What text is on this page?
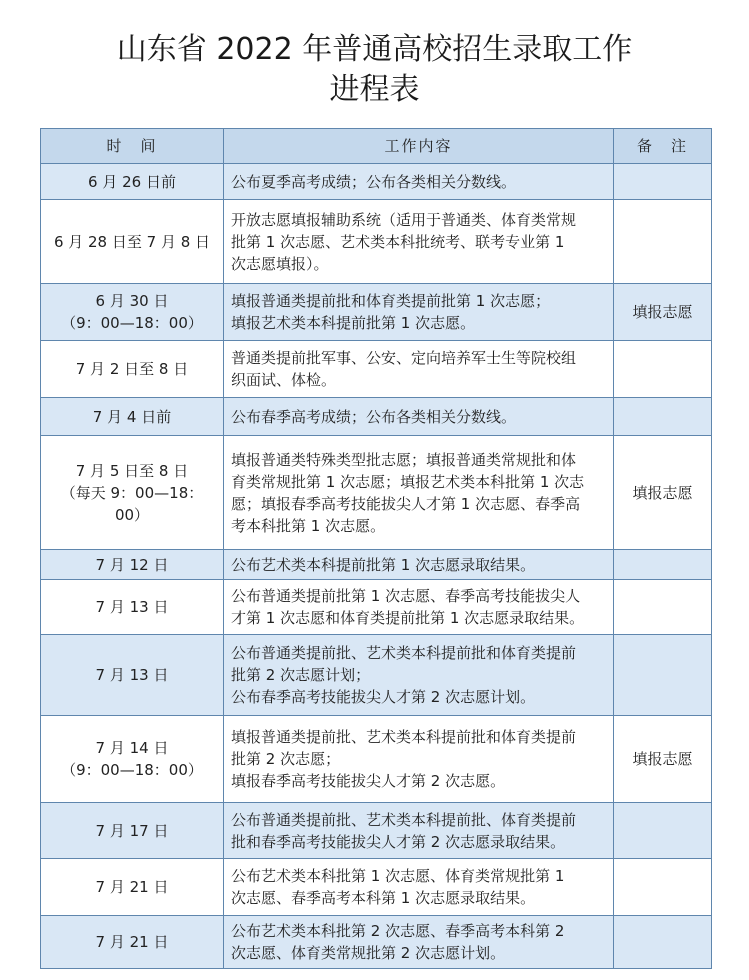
山东省 2022 年普通高校招生录取工作
进程表
时　间	工作内容	备　注

6 月 26 日前	公布夏季高考成绩；公布各类相关分数线。	

6 月 28 日至 7 月 8 日	开放志愿填报辅助系统（适用于普通类、体育类常规
批第 1 次志愿、艺术类本科批统考、联考专业第 1
次志愿填报）。	

6 月 30 日
（9：00—18：00）	填报普通类提前批和体育类提前批第 1 次志愿；
填报艺术类本科提前批第 1 次志愿。	填报志愿

7 月 2 日至 8 日	普通类提前批军事、公安、定向培养军士生等院校组
织面试、体检。	

7 月 4 日前	公布春季高考成绩；公布各类相关分数线。	

7 月 5 日至 8 日
（每天 9：00—18：00）	填报普通类特殊类型批志愿；填报普通类常规批和体
育类常规批第 1 次志愿；填报艺术类本科批第 1 次志
愿；填报春季高考技能拔尖人才第 1 次志愿、春季高
考本科批第 1 次志愿。	填报志愿

7 月 12 日	公布艺术类本科提前批第 1 次志愿录取结果。	

7 月 13 日	公布普通类提前批第 1 次志愿、春季高考技能拔尖人
才第 1 次志愿和体育类提前批第 1 次志愿录取结果。	

7 月 13 日	公布普通类提前批、艺术类本科提前批和体育类提前
批第 2 次志愿计划；
公布春季高考技能拔尖人才第 2 次志愿计划。	

7 月 14 日
（9：00—18：00）	填报普通类提前批、艺术类本科提前批和体育类提前
批第 2 次志愿；
填报春季高考技能拔尖人才第 2 次志愿。	填报志愿

7 月 17 日	公布普通类提前批、艺术类本科提前批、体育类提前
批和春季高考技能拔尖人才第 2 次志愿录取结果。	

7 月 21 日	公布艺术类本科批第 1 次志愿、体育类常规批第 1
次志愿、春季高考本科第 1 次志愿录取结果。	

7 月 21 日	公布艺术类本科批第 2 次志愿、春季高考本科第 2
次志愿、体育类常规批第 2 次志愿计划。	
